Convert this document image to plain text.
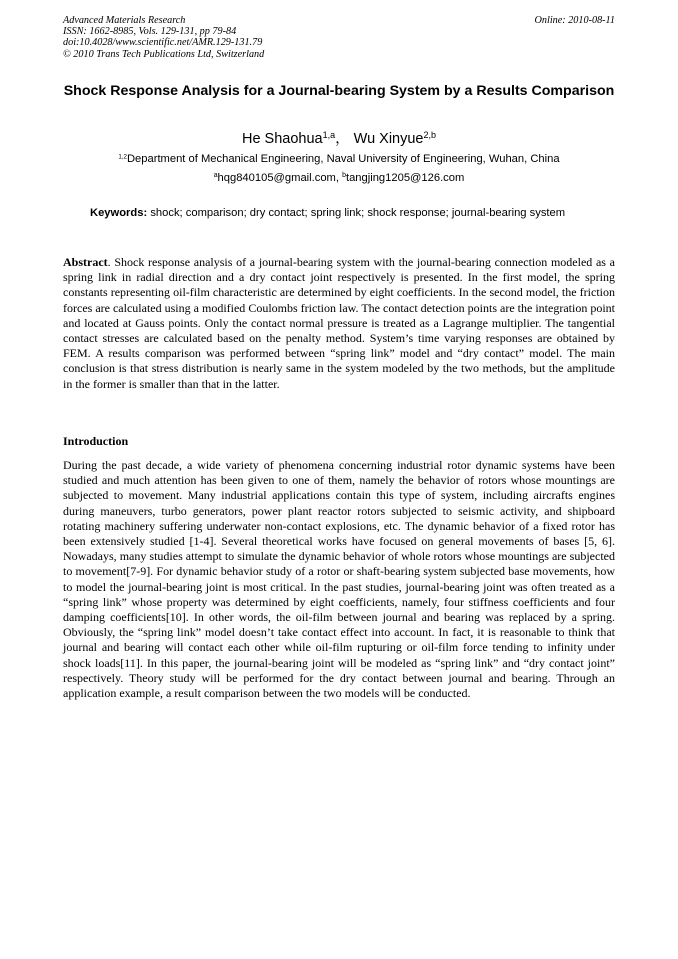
Advanced Materials Research
ISSN: 1662-8985, Vols. 129-131, pp 79-84
doi:10.4028/www.scientific.net/AMR.129-131.79
© 2010 Trans Tech Publications Ltd, Switzerland
Online: 2010-08-11
Shock Response Analysis for a Journal-bearing System by a Results Comparison
He Shaohua$^{1,a}$， Wu Xinyue$^{2,b}$
$^{1,2}$Department of Mechanical Engineering, Naval University of Engineering, Wuhan, China
$^a$hqg840105@gmail.com, $^b$tangjing1205@126.com
Keywords: shock; comparison; dry contact; spring link; shock response; journal-bearing system

Abstract. Shock response analysis of a journal-bearing system with the journal-bearing connection modeled as a spring link in radial direction and a dry contact joint respectively is presented. In the first model, the spring constants representing oil-film characteristic are determined by eight coefficients. In the second model, the friction forces are calculated using a modified Coulombs friction law. The contact detection points are the integration point and located at Gauss points. Only the contact normal pressure is treated as a Lagrange multiplier. The tangential contact stresses are calculated based on the penalty method. System’s time varying responses are obtained by FEM. A results comparison was performed between “spring link” model and “dry contact” model. The main conclusion is that stress distribution is nearly same in the system modeled by the two methods, but the amplitude in the former is smaller than that in the latter.

Introduction

During the past decade, a wide variety of phenomena concerning industrial rotor dynamic systems have been studied and much attention has been given to one of them, namely the behavior of rotors whose mountings are subjected to movement. Many industrial applications contain this type of system, including aircrafts engines during maneuvers, turbo generators, power plant reactor rotors subjected to seismic activity, and shipboard rotating machinery suffering underwater non-contact explosions, etc. The dynamic behavior of a fixed rotor has been extensively studied [1-4]. Several theoretical works have focused on general movements of bases [5, 6]. Nowadays, many studies attempt to simulate the dynamic behavior of whole rotors whose mountings are subjected to movement[7-9]. For dynamic behavior study of a rotor or shaft-bearing system subjected base movements, how to model the journal-bearing joint is most critical. In the past studies, journal-bearing joint was often treated as a “spring link” whose property was determined by eight coefficients, namely, four stiffness coefficients and four damping coefficients[10]. In other words, the oil-film between journal and bearing was replaced by a spring. Obviously, the “spring link” model doesn’t take contact effect into account. In fact, it is reasonable to think that journal and bearing will contact each other while oil-film rupturing or oil-film force tending to infinity under shock loads[11]. In this paper, the journal-bearing joint will be modeled as “spring link” and “dry contact joint” respectively. Theory study will be performed for the dry contact between journal and bearing. Through an application example, a result comparison between the two models will be conducted.
